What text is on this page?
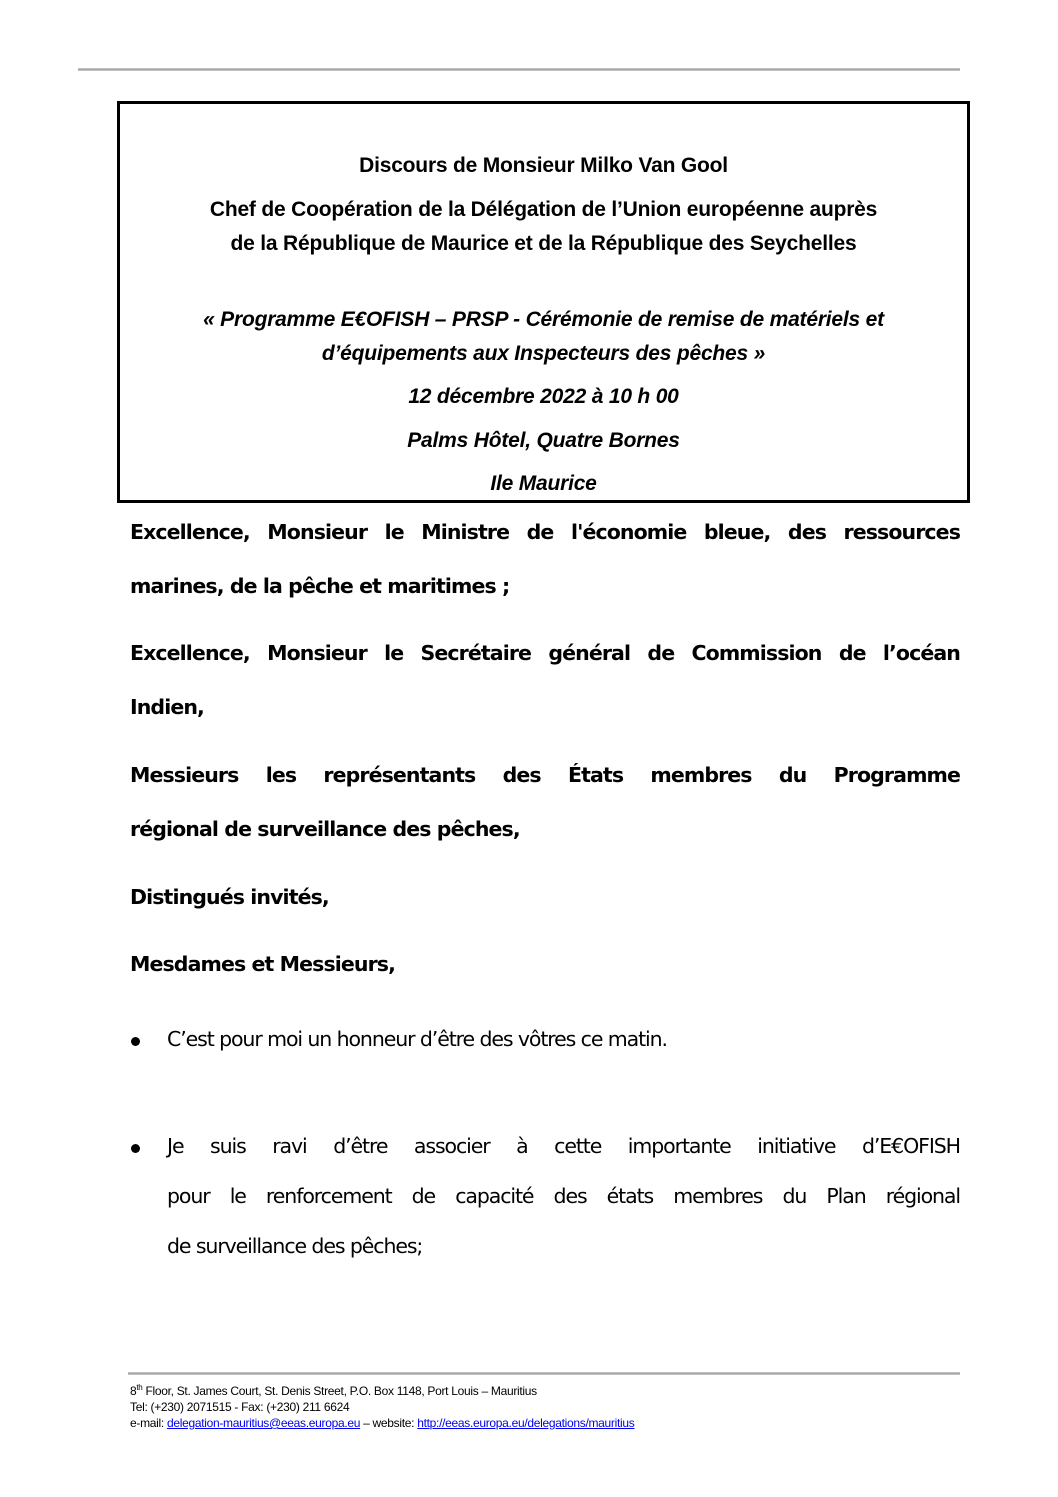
Discours de Monsieur Milko Van Gool
Chef de Coopération de la Délégation de l’Union européenne auprès
de la République de Maurice et de la République des Seychelles
« Programme E€OFISH – PRSP - Cérémonie de remise de matériels et
d’équipements aux Inspecteurs des pêches »
12 décembre 2022 à 10 h 00
Palms Hôtel, Quatre Bornes
Ile Maurice
Excellence, Monsieur le Ministre de l'économie bleue, des ressources
marines, de la pêche et maritimes ;
Excellence, Monsieur le Secrétaire général de Commission de l’océan
Indien,
Messieurs les représentants des États membres du Programme
régional de surveillance des pêches,
Distingués invités,
Mesdames et Messieurs,
C’est pour moi un honneur d’être des vôtres ce matin.
Je suis ravi d’être associer à cette importante initiative d’E€OFISH
pour le renforcement de capacité des états membres du Plan régional
de surveillance des pêches;
8th Floor, St. James Court, St. Denis Street, P.O. Box 1148, Port Louis – Mauritius
Tel: (+230) 2071515 - Fax: (+230) 211 6624
e-mail: delegation-mauritius@eeas.europa.eu – website: http://eeas.europa.eu/delegations/mauritius
